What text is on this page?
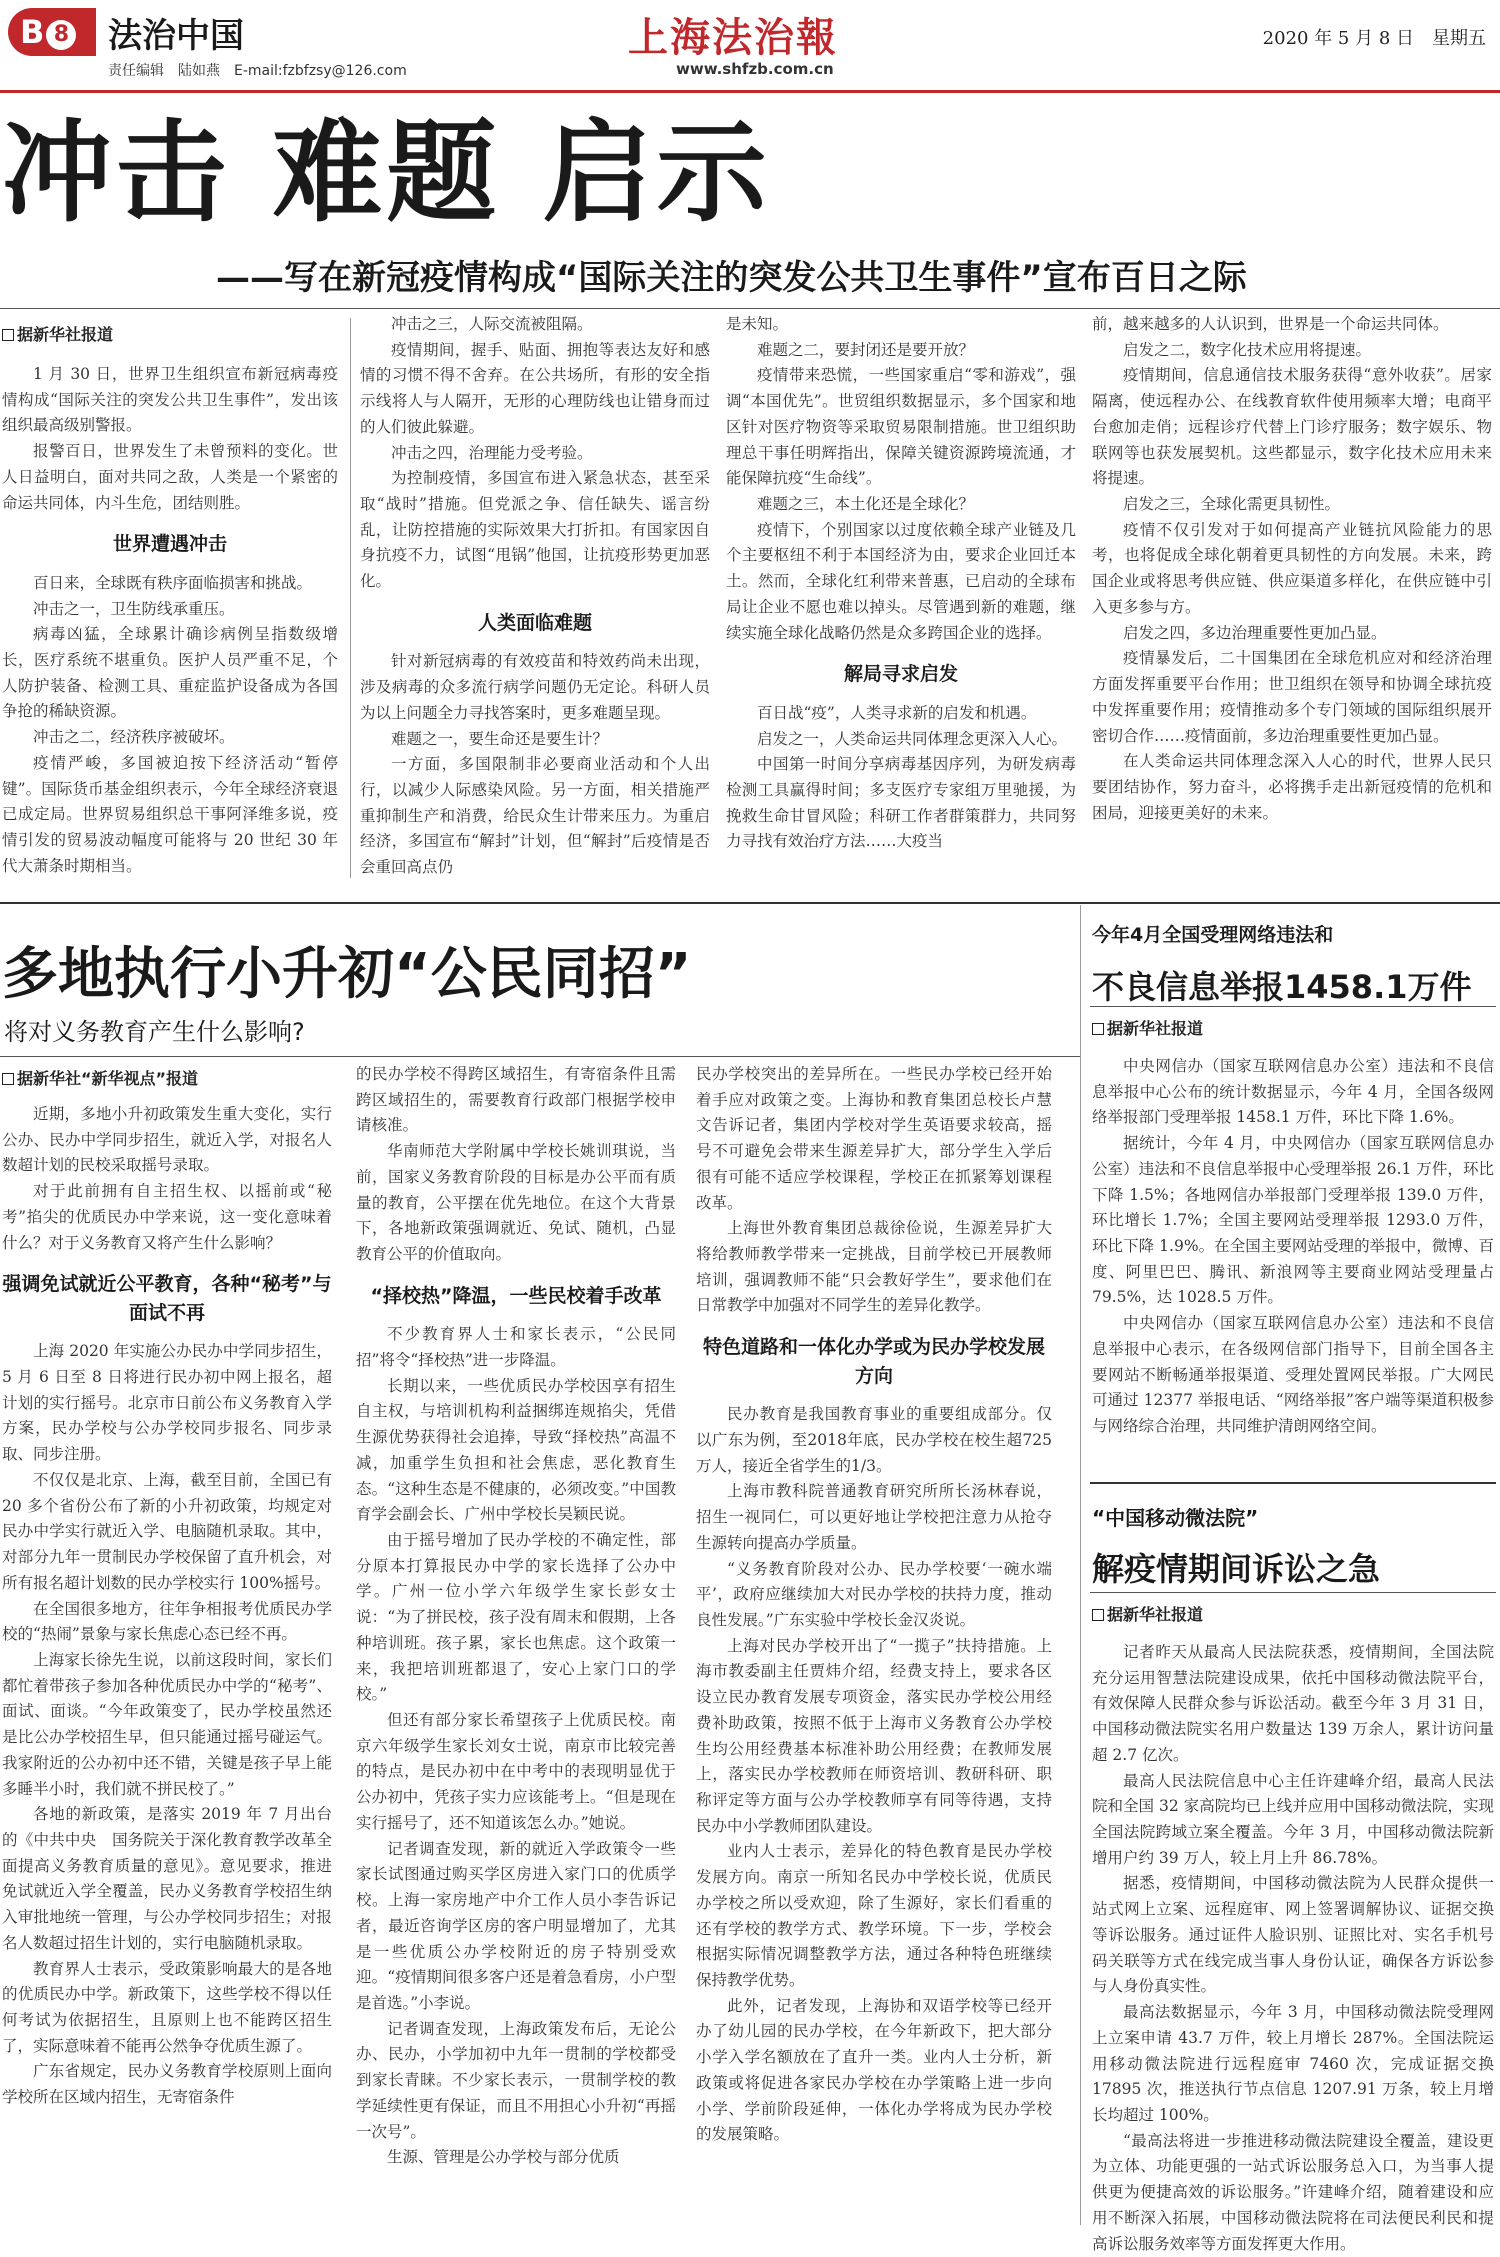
B 8	法治中国
责任编辑　陆如燕　E-mail:fzbfzsy@126.com
上海法治報
www.shfzb.com.cn
2020 年 5 月 8 日　星期五
冲击 难题 启示
——写在新冠疫情构成“国际关注的突发公共卫生事件”宣布百日之际
据新华社报道

1 月 30 日，世界卫生组织宣布新冠病毒疫情构成“国际关注的突发公共卫生事件”，发出该组织最高级别警报。

报警百日，世界发生了未曾预料的变化。世人日益明白，面对共同之敌，人类是一个紧密的命运共同体，内斗生危，团结则胜。

世界遭遇冲击

百日来，全球既有秩序面临损害和挑战。

冲击之一，卫生防线承重压。

病毒凶猛，全球累计确诊病例呈指数级增长，医疗系统不堪重负。医护人员严重不足，个人防护装备、检测工具、重症监护设备成为各国争抢的稀缺资源。

冲击之二，经济秩序被破坏。

疫情严峻，多国被迫按下经济活动“暂停键”。国际货币基金组织表示，今年全球经济衰退已成定局。世界贸易组织总干事阿泽维多说，疫情引发的贸易波动幅度可能将与 20 世纪 30 年代大萧条时期相当。

冲击之三，人际交流被阻隔。

疫情期间，握手、贴面、拥抱等表达友好和感情的习惯不得不舍弃。在公共场所，有形的安全指示线将人与人隔开，无形的心理防线也让错身而过的人们彼此躲避。

冲击之四，治理能力受考验。

为控制疫情，多国宣布进入紧急状态，甚至采取“战时”措施。但党派之争、信任缺失、谣言纷乱，让防控措施的实际效果大打折扣。有国家因自身抗疫不力，试图“甩锅”他国，让抗疫形势更加恶化。

人类面临难题

针对新冠病毒的有效疫苗和特效药尚未出现，涉及病毒的众多流行病学问题仍无定论。科研人员为以上问题全力寻找答案时，更多难题呈现。

难题之一，要生命还是要生计？

一方面，多国限制非必要商业活动和个人出行，以减少人际感染风险。另一方面，相关措施严重抑制生产和消费，给民众生计带来压力。为重启经济，多国宣布“解封”计划，但“解封”后疫情是否会重回高点仍

是未知。

难题之二，要封闭还是要开放？

疫情带来恐慌，一些国家重启“零和游戏”，强调“本国优先”。世贸组织数据显示，多个国家和地区针对医疗物资等采取贸易限制措施。世卫组织助理总干事任明辉指出，保障关键资源跨境流通，才能保障抗疫“生命线”。

难题之三，本土化还是全球化？

疫情下，个别国家以过度依赖全球产业链及几个主要枢纽不利于本国经济为由，要求企业回迁本土。然而，全球化红利带来普惠，已启动的全球布局让企业不愿也难以掉头。尽管遇到新的难题，继续实施全球化战略仍然是众多跨国企业的选择。

解局寻求启发

百日战“疫”，人类寻求新的启发和机遇。

启发之一，人类命运共同体理念更深入人心。

中国第一时间分享病毒基因序列，为研发病毒检测工具赢得时间；多支医疗专家组万里驰援，为挽救生命甘冒风险；科研工作者群策群力，共同努力寻找有效治疗方法……大疫当

前，越来越多的人认识到，世界是一个命运共同体。

启发之二，数字化技术应用将提速。

疫情期间，信息通信技术服务获得“意外收获”。居家隔离，使远程办公、在线教育软件使用频率大增；电商平台愈加走俏；远程诊疗代替上门诊疗服务；数字娱乐、物联网等也获发展契机。这些都显示，数字化技术应用未来将提速。

启发之三，全球化需更具韧性。

疫情不仅引发对于如何提高产业链抗风险能力的思考，也将促成全球化朝着更具韧性的方向发展。未来，跨国企业或将思考供应链、供应渠道多样化，在供应链中引入更多参与方。

启发之四，多边治理重要性更加凸显。

疫情暴发后，二十国集团在全球危机应对和经济治理方面发挥重要平台作用；世卫组织在领导和协调全球抗疫中发挥重要作用；疫情推动多个专门领域的国际组织展开密切合作……疫情面前，多边治理重要性更加凸显。

在人类命运共同体理念深入人心的时代，世界人民只要团结协作，努力奋斗，必将携手走出新冠疫情的危机和困局，迎接更美好的未来。

多地执行小升初“公民同招”
将对义务教育产生什么影响?
据新华社“新华视点”报道

近期，多地小升初政策发生重大变化，实行公办、民办中学同步招生，就近入学，对报名人数超计划的民校采取摇号录取。

对于此前拥有自主招生权、以摇前或“秘考”掐尖的优质民办中学来说，这一变化意味着什么？对于义务教育又将产生什么影响？

强调免试就近公平教育，各种“秘考”与面试不再

上海 2020 年实施公办民办中学同步招生，5 月 6 日至 8 日将进行民办初中网上报名，超计划的实行摇号。北京市日前公布义务教育入学方案，民办学校与公办学校同步报名、同步录取、同步注册。

不仅仅是北京、上海，截至目前，全国已有 20 多个省份公布了新的小升初政策，均规定对民办中学实行就近入学、电脑随机录取。其中，对部分九年一贯制民办学校保留了直升机会，对所有报名超计划数的民办学校实行 100%摇号。

在全国很多地方，往年争相报考优质民办学校的“热闹”景象与家长焦虑心态已经不再。

上海家长徐先生说，以前这段时间，家长们都忙着带孩子参加各种优质民办中学的“秘考”、面试、面谈。“今年政策变了，民办学校虽然还是比公办学校招生早，但只能通过摇号碰运气。我家附近的公办初中还不错，关键是孩子早上能多睡半小时，我们就不拼民校了。”

各地的新政策，是落实 2019 年 7 月出台的《中共中央　国务院关于深化教育教学改革全面提高义务教育质量的意见》。意见要求，推进免试就近入学全覆盖，民办义务教育学校招生纳入审批地统一管理，与公办学校同步招生；对报名人数超过招生计划的，实行电脑随机录取。

教育界人士表示，受政策影响最大的是各地的优质民办中学。新政策下，这些学校不得以任何考试为依据招生，且原则上也不能跨区招生了，实际意味着不能再公然争夺优质生源了。

广东省规定，民办义务教育学校原则上面向学校所在区域内招生，无寄宿条件

的民办学校不得跨区域招生，有寄宿条件且需跨区域招生的，需要教育行政部门根据学校申请核准。

华南师范大学附属中学校长姚训琪说，当前，国家义务教育阶段的目标是办公平而有质量的教育，公平摆在优先地位。在这个大背景下，各地新政策强调就近、免试、随机，凸显教育公平的价值取向。

“择校热”降温，一些民校着手改革

不少教育界人士和家长表示，“公民同招”将令“择校热”进一步降温。

长期以来，一些优质民办学校因享有招生自主权，与培训机构利益捆绑连规掐尖，凭借生源优势获得社会追捧，导致“择校热”高温不减，加重学生负担和社会焦虑，恶化教育生态。“这种生态是不健康的，必须改变。”中国教育学会副会长、广州中学校长吴颖民说。

由于摇号增加了民办学校的不确定性，部分原本打算报民办中学的家长选择了公办中学。广州一位小学六年级学生家长彭女士说：“为了拼民校，孩子没有周末和假期，上各种培训班。孩子累，家长也焦虑。这个政策一来，我把培训班都退了，安心上家门口的学校。”

但还有部分家长希望孩子上优质民校。南京六年级学生家长刘女士说，南京市比较完善的特点，是民办初中在中考中的表现明显优于公办初中，凭孩子实力应该能考上。“但是现在实行摇号了，还不知道该怎么办。”她说。

记者调查发现，新的就近入学政策令一些家长试图通过购买学区房进入家门口的优质学校。上海一家房地产中介工作人员小李告诉记者，最近咨询学区房的客户明显增加了，尤其是一些优质公办学校附近的房子特别受欢迎。“疫情期间很多客户还是着急看房，小户型是首选。”小李说。

记者调查发现，上海政策发布后，无论公办、民办，小学加初中九年一贯制的学校都受到家长青睐。不少家长表示，一贯制学校的教学延续性更有保证，而且不用担心小升初“再摇一次号”。

生源、管理是公办学校与部分优质

民办学校突出的差异所在。一些民办学校已经开始着手应对政策之变。上海协和教育集团总校长卢慧文告诉记者，集团内学校对学生英语要求较高，摇号不可避免会带来生源差异扩大，部分学生入学后很有可能不适应学校课程，学校正在抓紧筹划课程改革。

上海世外教育集团总裁徐俭说，生源差异扩大将给教师教学带来一定挑战，目前学校已开展教师培训，强调教师不能“只会教好学生”，要求他们在日常教学中加强对不同学生的差异化教学。

特色道路和一体化办学或为民办学校发展方向

民办教育是我国教育事业的重要组成部分。仅以广东为例，至2018年底，民办学校在校生超725万人，接近全省学生的1/3。

上海市教科院普通教育研究所所长汤林春说，招生一视同仁，可以更好地让学校把注意力从抢夺生源转向提高办学质量。

“义务教育阶段对公办、民办学校要‘一碗水端平’，政府应继续加大对民办学校的扶持力度，推动良性发展。”广东实验中学校长金汉炎说。

上海对民办学校开出了“一揽子”扶持措施。上海市教委副主任贾炜介绍，经费支持上，要求各区设立民办教育发展专项资金，落实民办学校公用经费补助政策，按照不低于上海市义务教育公办学校生均公用经费基本标准补助公用经费；在教师发展上，落实民办学校教师在师资培训、教研科研、职称评定等方面与公办学校教师享有同等待遇，支持民办中小学教师团队建设。

业内人士表示，差异化的特色教育是民办学校发展方向。南京一所知名民办中学校长说，优质民办学校之所以受欢迎，除了生源好，家长们看重的还有学校的教学方式、教学环境。下一步，学校会根据实际情况调整教学方法，通过各种特色班继续保持教学优势。

此外，记者发现，上海协和双语学校等已经开办了幼儿园的民办学校，在今年新政下，把大部分小学入学名额放在了直升一类。业内人士分析，新政策或将促进各家民办学校在办学策略上进一步向小学、学前阶段延伸，一体化办学将成为民办学校的发展策略。

今年4月全国受理网络违法和
不良信息举报1458.1万件
据新华社报道

中央网信办（国家互联网信息办公室）违法和不良信息举报中心公布的统计数据显示，今年 4 月，全国各级网络举报部门受理举报 1458.1 万件，环比下降 1.6%。

据统计，今年 4 月，中央网信办（国家互联网信息办公室）违法和不良信息举报中心受理举报 26.1 万件，环比下降 1.5%；各地网信办举报部门受理举报 139.0 万件，环比增长 1.7%；全国主要网站受理举报 1293.0 万件，环比下降 1.9%。在全国主要网站受理的举报中，微博、百度、阿里巴巴、腾讯、新浪网等主要商业网站受理量占 79.5%，达 1028.5 万件。

中央网信办（国家互联网信息办公室）违法和不良信息举报中心表示，在各级网信部门指导下，目前全国各主要网站不断畅通举报渠道、受理处置网民举报。广大网民可通过 12377 举报电话、“网络举报”客户端等渠道积极参与网络综合治理，共同维护清朗网络空间。

“中国移动微法院”
解疫情期间诉讼之急
据新华社报道

记者昨天从最高人民法院获悉，疫情期间，全国法院充分运用智慧法院建设成果，依托中国移动微法院平台，有效保障人民群众参与诉讼活动。截至今年 3 月 31 日，中国移动微法院实名用户数量达 139 万余人，累计访问量超 2.7 亿次。

最高人民法院信息中心主任许建峰介绍，最高人民法院和全国 32 家高院均已上线并应用中国移动微法院，实现全国法院跨域立案全覆盖。今年 3 月，中国移动微法院新增用户约 39 万人，较上月上升 86.78%。

据悉，疫情期间，中国移动微法院为人民群众提供一站式网上立案、远程庭审、网上签署调解协议、证据交换等诉讼服务。通过证件人脸识别、证照比对、实名手机号码关联等方式在线完成当事人身份认证，确保各方诉讼参与人身份真实性。

最高法数据显示，今年 3 月，中国移动微法院受理网上立案申请 43.7 万件，较上月增长 287%。全国法院运用移动微法院进行远程庭审 7460 次，完成证据交换 17895 次，推送执行节点信息 1207.91 万条，较上月增长均超过 100%。

“最高法将进一步推进移动微法院建设全覆盖，建设更为立体、功能更强的一站式诉讼服务总入口，为当事人提供更为便捷高效的诉讼服务。”许建峰介绍，随着建设和应用不断深入拓展，中国移动微法院将在司法便民利民和提高诉讼服务效率等方面发挥更大作用。
